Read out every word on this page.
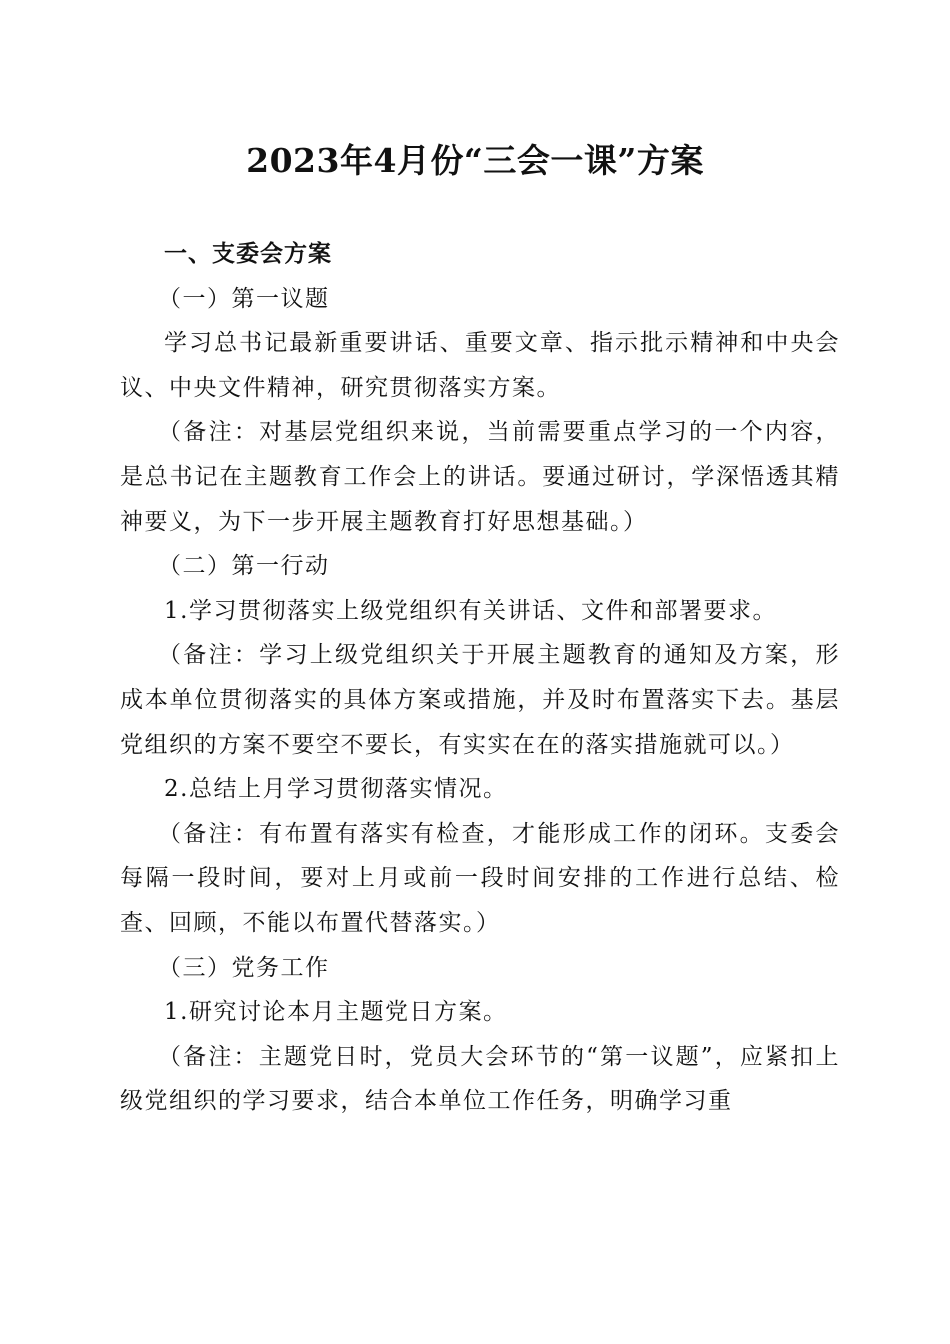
2023年4月份“三会一课”方案

一、支委会方案

（一）第一议题

学习总书记最新重要讲话、重要文章、指示批示精神和中央会议、中央文件精神，研究贯彻落实方案。

（备注：对基层党组织来说，当前需要重点学习的一个内容，是总书记在主题教育工作会上的讲话。要通过研讨，学深悟透其精神要义，为下一步开展主题教育打好思想基础。）

（二）第一行动

1.学习贯彻落实上级党组织有关讲话、文件和部署要求。

（备注：学习上级党组织关于开展主题教育的通知及方案，形成本单位贯彻落实的具体方案或措施，并及时布置落实下去。基层党组织的方案不要空不要长，有实实在在的落实措施就可以。）

2.总结上月学习贯彻落实情况。

（备注：有布置有落实有检查，才能形成工作的闭环。支委会每隔一段时间，要对上月或前一段时间安排的工作进行总结、检查、回顾，不能以布置代替落实。）

（三）党务工作

1.研究讨论本月主题党日方案。

（备注：主题党日时，党员大会环节的“第一议题”，应紧扣上级党组织的学习要求，结合本单位工作任务，明确学习重
